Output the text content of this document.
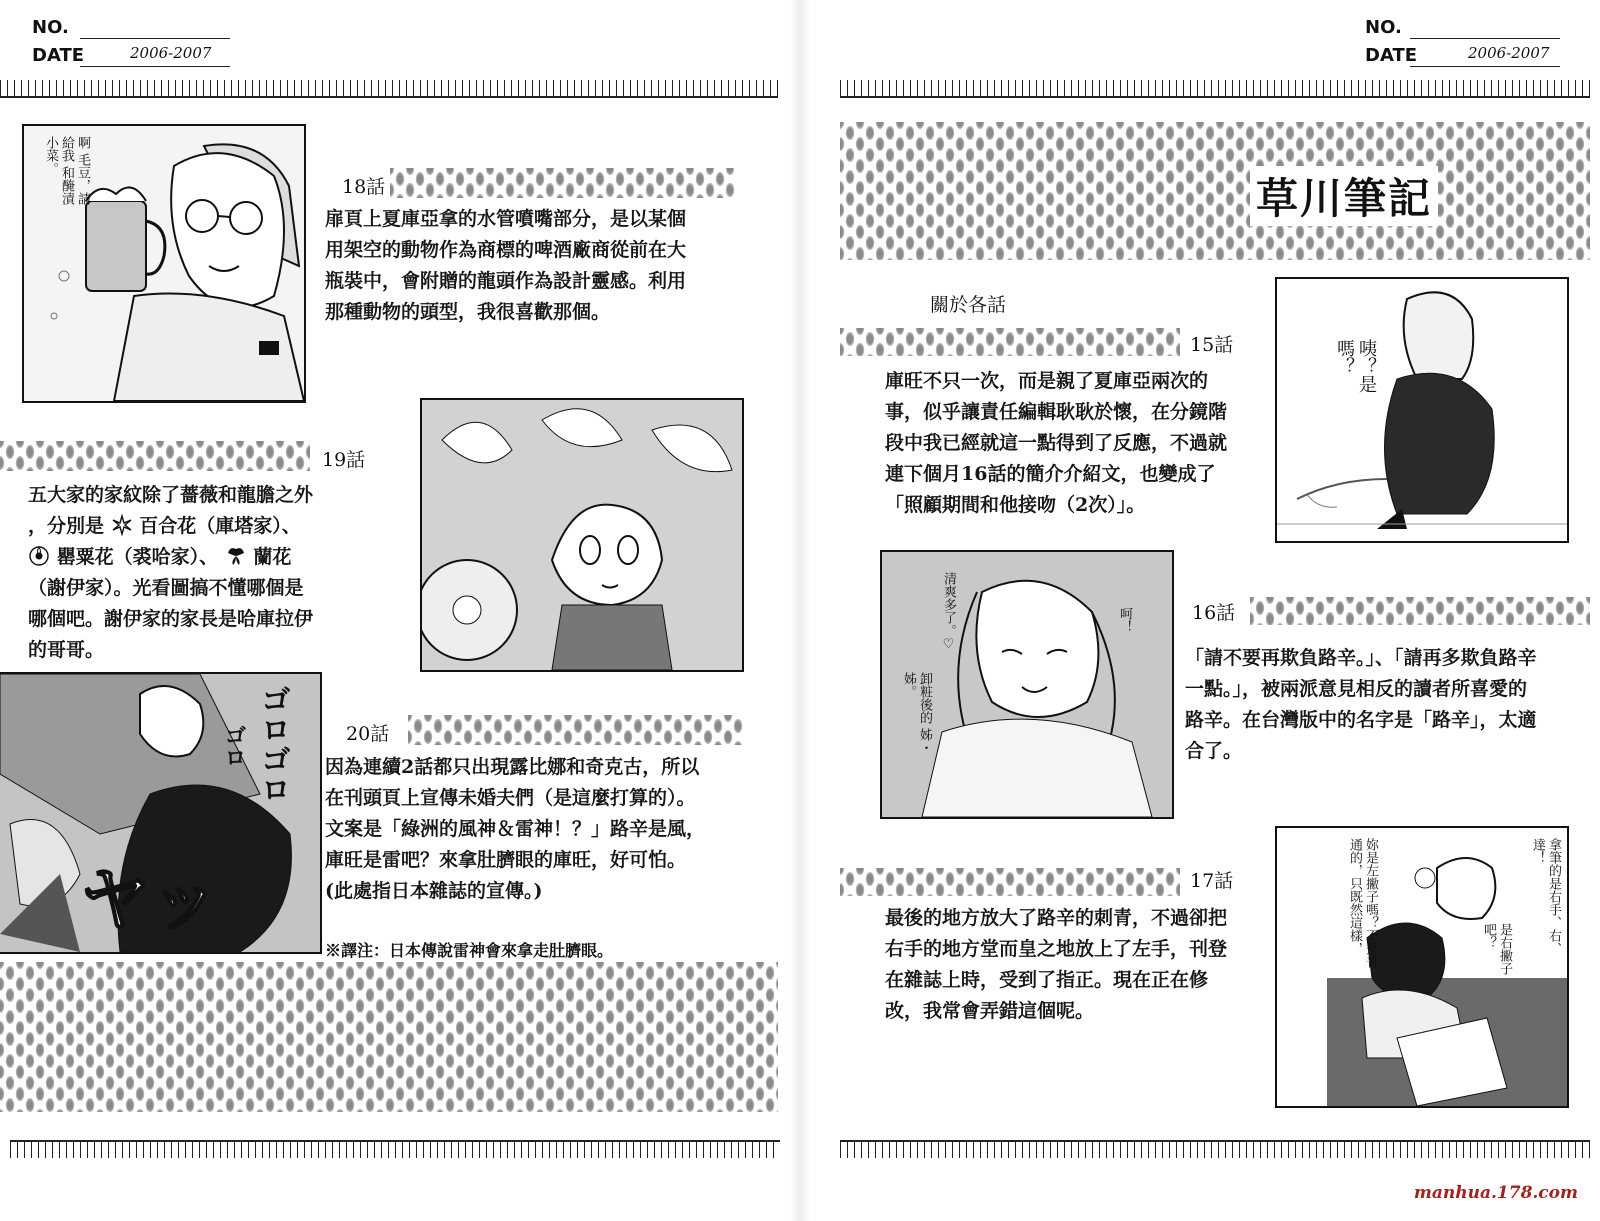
NO.
DATE	2006-2007
啊 毛豆，請給我 和醃漬 小菜。
18話
扉頁上夏庫亞拿的水管噴嘴部分，是以某個用架空的動物作為商標的啤酒廠商從前在大瓶裝中，會附贈的龍頭作為設計靈感。利用那種動物的頭型，我很喜歡那個。
19話
五大家的家紋除了薔薇和龍膽之外
，分別是 百合花（庫塔家）、
罌粟花（裘哈家）、 蘭花
（謝伊家）。光看圖搞不懂哪個是
哪個吧。謝伊家的家長是哈庫拉伊
的哥哥。
ゴロゴロ
ゴロ
ヤッ
20話
因為連續2話都只出現露比娜和奇克古，所以在刊頭頁上宣傳未婚夫們（是這麼打算的）。文案是「綠洲的風神＆雷神！？」路辛是風，庫旺是雷吧？來拿肚臍眼的庫旺，好可怕。(此處指日本雜誌的宣傳。)
※譯注：日本傳說雷神會來拿走肚臍眼。
NO.
DATE	2006-2007
草川筆記
關於各話
15話
庫旺不只一次，而是親了夏庫亞兩次的事，似乎讓責任編輯耿耿於懷，在分鏡階段中我已經就這一點得到了反應，不過就連下個月16話的簡介介紹文，也變成了「照顧期間和他接吻（2次）」。
咦？是 嗎？
清爽多了。♡	呵！
卸粧後的 姊・姊。
16話
「請不要再欺負路辛。」、「請再多欺負路辛一點。」，被兩派意見相反的讀者所喜愛的路辛。在台灣版中的名字是「路辛」，太適合了。
17話
最後的地方放大了路辛的刺青，不過卻把右手的地方堂而皇之地放上了左手，刊登在雜誌上時，受到了指正。現在正在修改，我常會弄錯這個呢。
妳是左撇子嗎？不是普通的，只既然這樣，	拿筆的是右手、右、達！
是右撇子吧？
manhua.178.com
